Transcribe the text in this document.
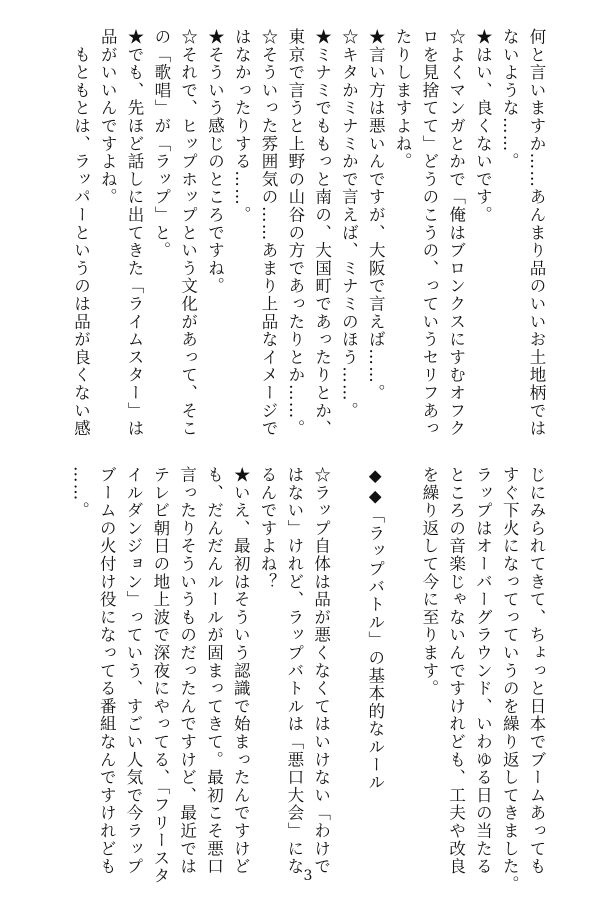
何と言いますか……あんまり品のいいお土地柄では

ないような……。

★はい、良くないです。

☆よくマンガとかで「俺はブロンクスにすむオフク

ロを見捨てて」どうのこうの、っていうセリフあっ

たりしますよね。

★言い方は悪いんですが、大阪で言えば……。

☆キタかミナミかで言えば、ミナミのほう……。

★ミナミでももっと南の、大国町であったりとか、

東京で言うと上野の山谷の方であったりとか……。

☆そういった雰囲気の……あまり上品なイメージで

はなかったりする……。

★そういう感じのところですね。

☆それで、ヒップホップという文化があって、そこ

の「歌唱」が「ラップ」と。

★でも、先ほど話しに出てきた「ライムスター」は

品がいいんですよね。

　もともとは、ラッパーというのは品が良くない感

じにみられてきて、ちょっと日本でブームあっても

すぐ下火になってっていうのを繰り返してきました。

ラップはオーバーグラウンド、いわゆる日の当たる

ところの音楽じゃないんですけれども、工夫や改良

を繰り返して今に至ります。

◆◆「ラップバトル」の基本的なルール

☆ラップ自体は品が悪くなくてはいけない「わけで

はない」けれど、ラップバトルは「悪口大会」にな

るんですよね？

★いえ、最初はそういう認識で始まったんですけど

も、だんだんルールが固まってきて。最初こそ悪口

言ったりそういうものだったんですけど、最近では

テレビ朝日の地上波で深夜にやってる、「フリースタ

イルダンジョン」っていう、すごい人気で今ラップ

ブームの火付け役になってる番組なんですけれども

……。

3
